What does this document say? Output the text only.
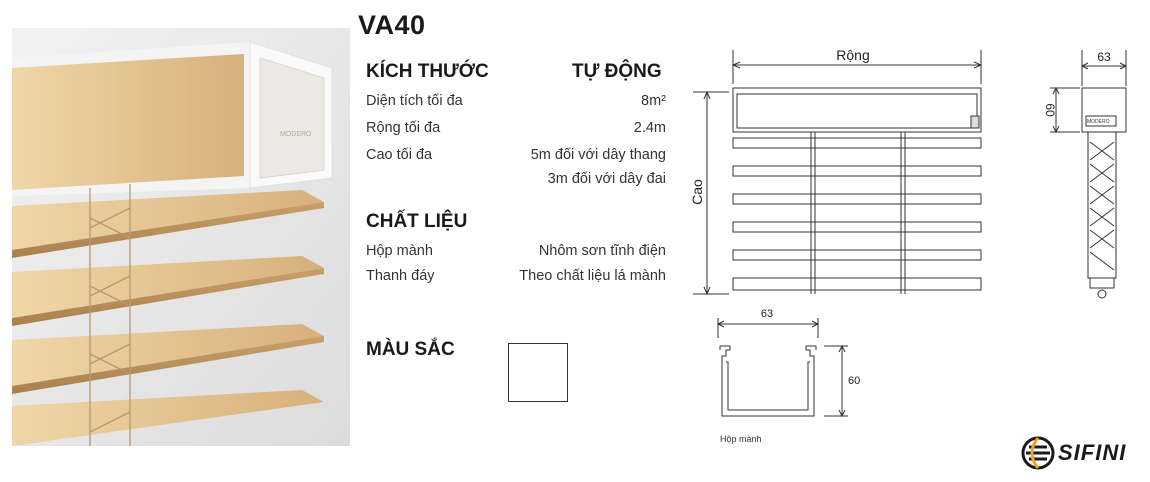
MODERO
VA40
KÍCH THƯỚC	TỰ ĐỘNG
Diện tích tối đa	8m²
Rộng tối đa	2.4m
Cao tối đa	5m đối với dây thang
3m đối với dây đai
CHẤT LIỆU
Hộp mành	Nhôm sơn tĩnh điện
Thanh đáy	Theo chất liệu lá mành
MÀU SẮC
Rộng
Cao
63
60
MODERO
63
60
Hộp mành
SIFINI
